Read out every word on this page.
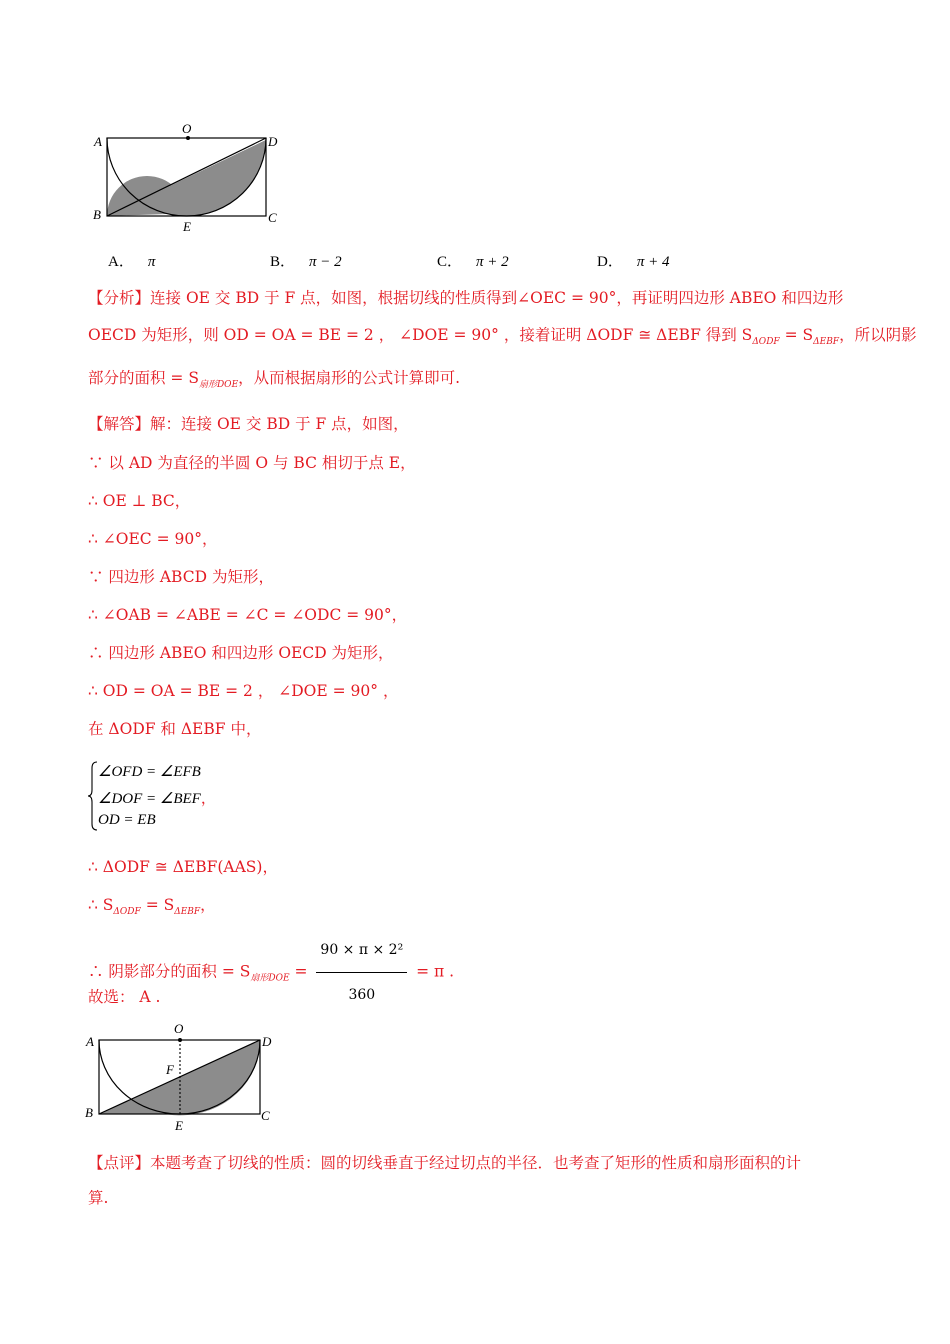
A
O
D
B
E
C
A． π	B． π − 2	C． π + 2	D． π + 4
【分析】连接 OE 交 BD 于 F 点，如图，根据切线的性质得到∠OEC = 90°，再证明四边形 ABEO 和四边形
OECD 为矩形，则 OD = OA = BE = 2 ， ∠DOE = 90° ，接着证明 ΔODF ≅ ΔEBF 得到 $S_{\Delta ODF} = S_{\Delta EBF}$，所以阴影
部分的面积 = $S_{扇形DOE}$，从而根据扇形的公式计算即可.
【解答】解：连接 OE 交 BD 于 F 点，如图，
∵ 以 AD 为直径的半圆 O 与 BC 相切于点 E，
∴ OE ⊥ BC，
∴ ∠OEC = 90°，
∵ 四边形 ABCD 为矩形，
∴ ∠OAB = ∠ABE = ∠C = ∠ODC = 90°，
∴ 四边形 ABEO 和四边形 OECD 为矩形，
∴ OD = OA = BE = 2 ， ∠DOE = 90° ，
在 ΔODF 和 ΔEBF 中，
∠OFD = ∠EFB
∠DOF = ∠BEF，
OD = EB
∴ ΔODF ≅ ΔEBF(AAS)，
∴ $S_{\Delta ODF} = S_{\Delta EBF}$，
∴ 阴影部分的面积 = $S_{扇形DOE} = \frac{\text{90 × π × 2²}}{360} = \pi$ .
故选： A .
A
O
D
F
B
E
C
【点评】本题考查了切线的性质：圆的切线垂直于经过切点的半径．也考查了矩形的性质和扇形面积的计
算.
